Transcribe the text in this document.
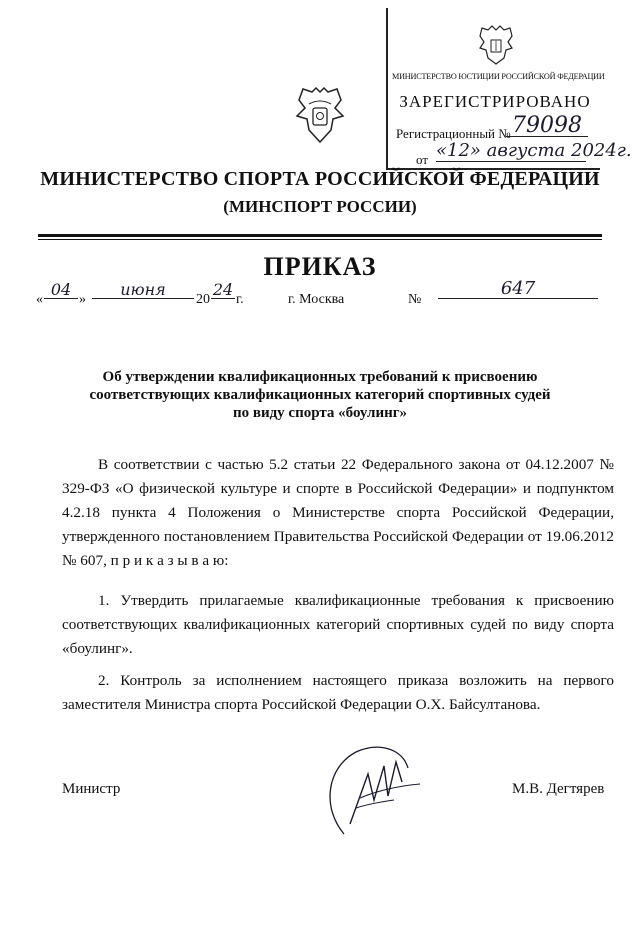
МИНИСТЕРСТВО ЮСТИЦИИ РОССИЙСКОЙ ФЕДЕРАЦИИ
ЗАРЕГИСТРИРОВАНО
Регистрационный № 79098
от «12» августа 2024г.
МИНИСТЕРСТВО СПОРТА РОССИЙСКОЙ ФЕДЕРАЦИИ
(МИНСПОРТ РОССИИ)
ПРИКАЗ
«
04
»
июня
20
24
г.	г. Москва	№
647
Об утверждении квалификационных требований к присвоению
соответствующих квалификационных категорий спортивных судей
по виду спорта «боулинг»

В соответствии с частью 5.2 статьи 22 Федерального закона от 04.12.2007 № 329-ФЗ «О физической культуре и спорте в Российской Федерации» и подпунктом 4.2.18 пункта 4 Положения о Министерстве спорта Российской Федерации, утвержденного постановлением Правительства Российской Федерации от 19.06.2012 № 607, п р и к а з ы в а ю:

1. Утвердить прилагаемые квалификационные требования к присвоению соответствующих квалификационных категорий спортивных судей по виду спорта «боулинг».

2. Контроль за исполнением настоящего приказа возложить на первого заместителя Министра спорта Российской Федерации О.Х. Байсултанова.

Министр	М.В. Дегтярев
